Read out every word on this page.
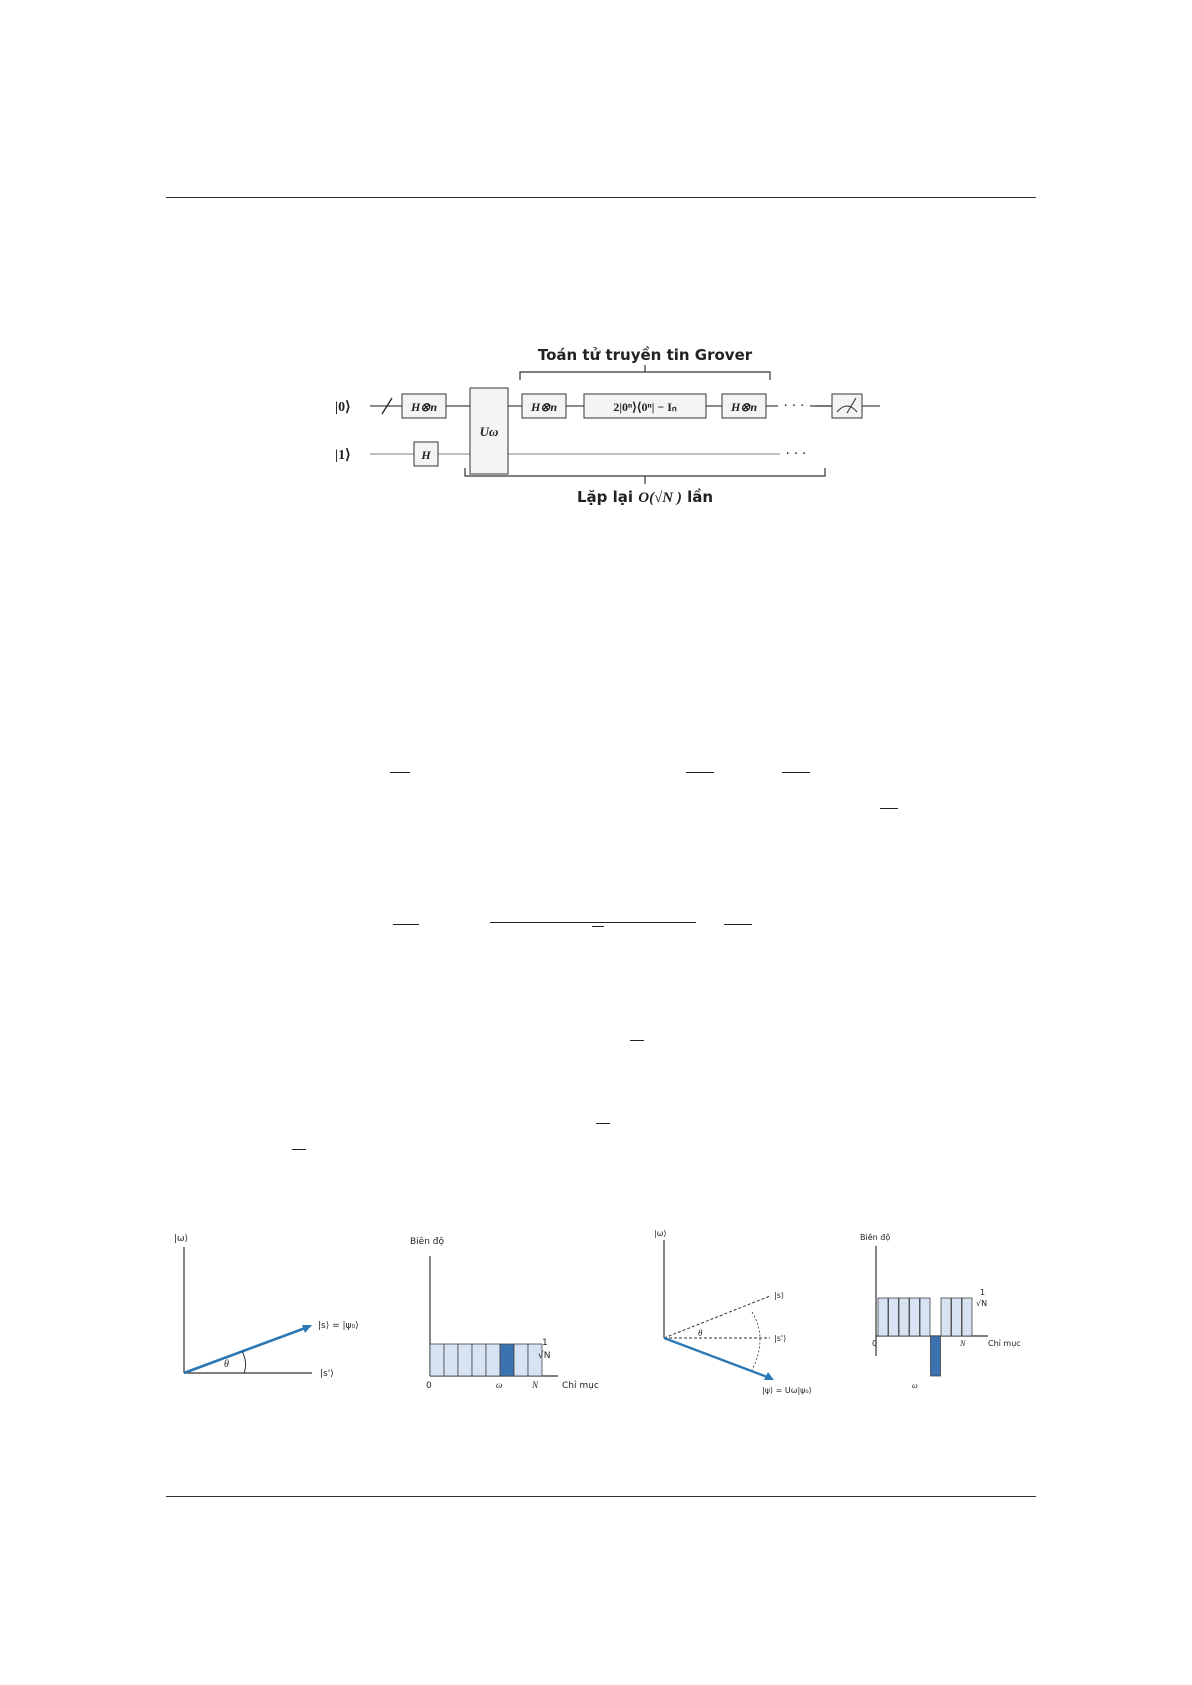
Toán tử truyền tin Grover
|0⟩
|1⟩
H⊗n
H
Uω
H⊗n	2|0ⁿ⟩⟨0ⁿ| − Iₙ	H⊗n · · ·
· · ·
Lặp lại O(√N ) lần
|ω⟩
|s'⟩
|s⟩ = |ψ₀⟩
θ
Biên độ
1
√N
0	ω	N	Chỉ mục
|ω⟩
|s⟩
|s'⟩
|ψ⟩ = Uω|ψ₀⟩
θ
Biên độ
1
√N
0	N	Chỉ mục
ω
